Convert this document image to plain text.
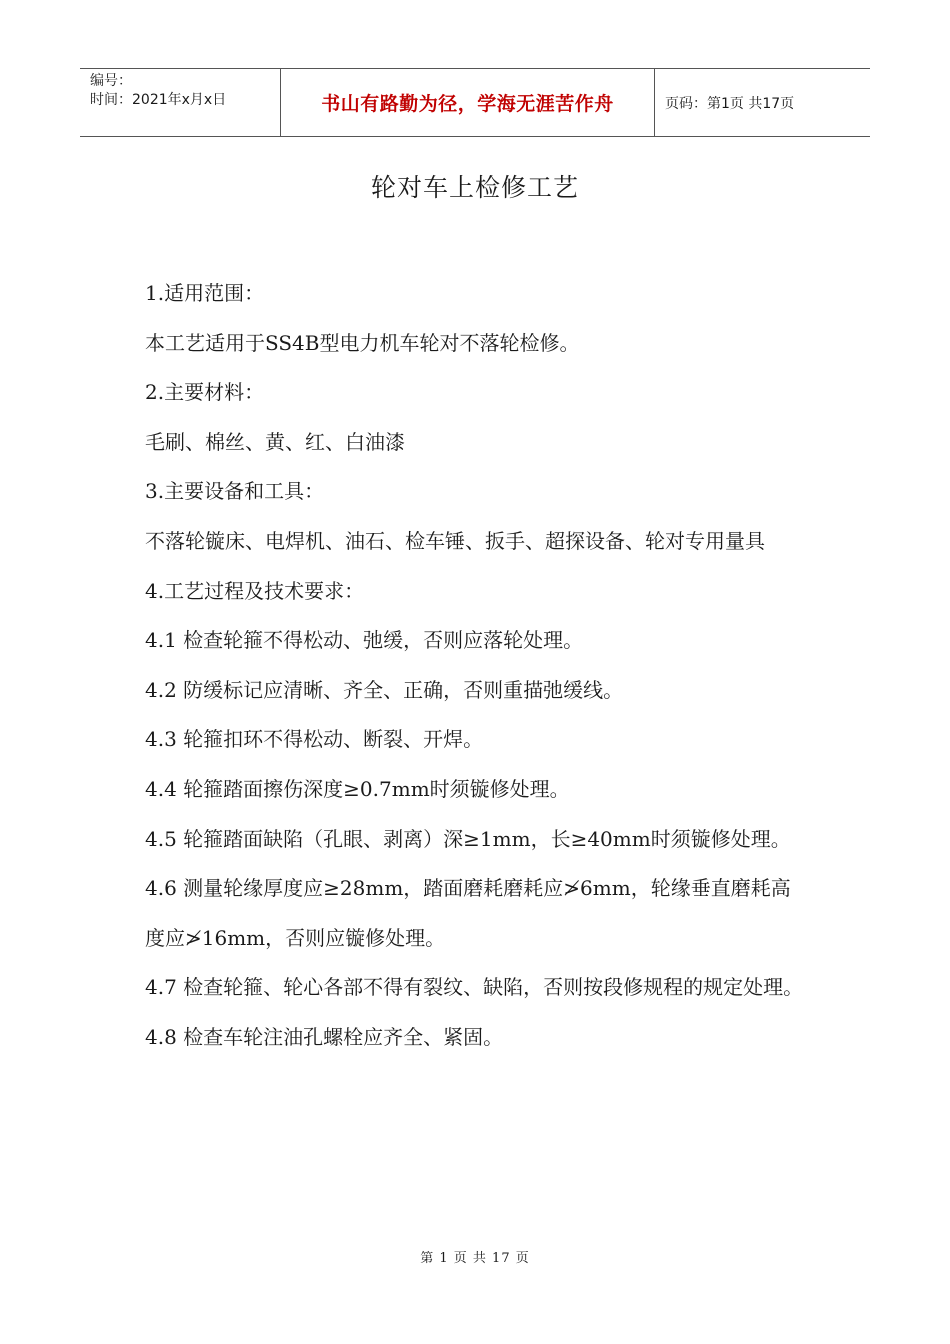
编号：
时间：2021年x月x日	书山有路勤为径，学海无涯苦作舟	页码：第1页 共17页
轮对车上检修工艺

1.适用范围：

本工艺适用于SS4B型电力机车轮对不落轮检修。

2.主要材料：

毛刷、棉丝、黄、红、白油漆

3.主要设备和工具：

不落轮镟床、电焊机、油石、检车锤、扳手、超探设备、轮对专用量具

4.工艺过程及技术要求：

4.1 检查轮箍不得松动、弛缓，否则应落轮处理。

4.2 防缓标记应清晰、齐全、正确，否则重描弛缓线。

4.3 轮箍扣环不得松动、断裂、开焊。

4.4 轮箍踏面擦伤深度≥0.7mm时须镟修处理。

4.5 轮箍踏面缺陷（孔眼、剥离）深≥1mm，长≥40mm时须镟修处理。

4.6 测量轮缘厚度应≥28mm，踏面磨耗磨耗应≯6mm，轮缘垂直磨耗高度应≯16mm，否则应镟修处理。

4.7 检查轮箍、轮心各部不得有裂纹、缺陷，否则按段修规程的规定处理。

4.8 检查车轮注油孔螺栓应齐全、紧固。

第 1 页 共 17 页
